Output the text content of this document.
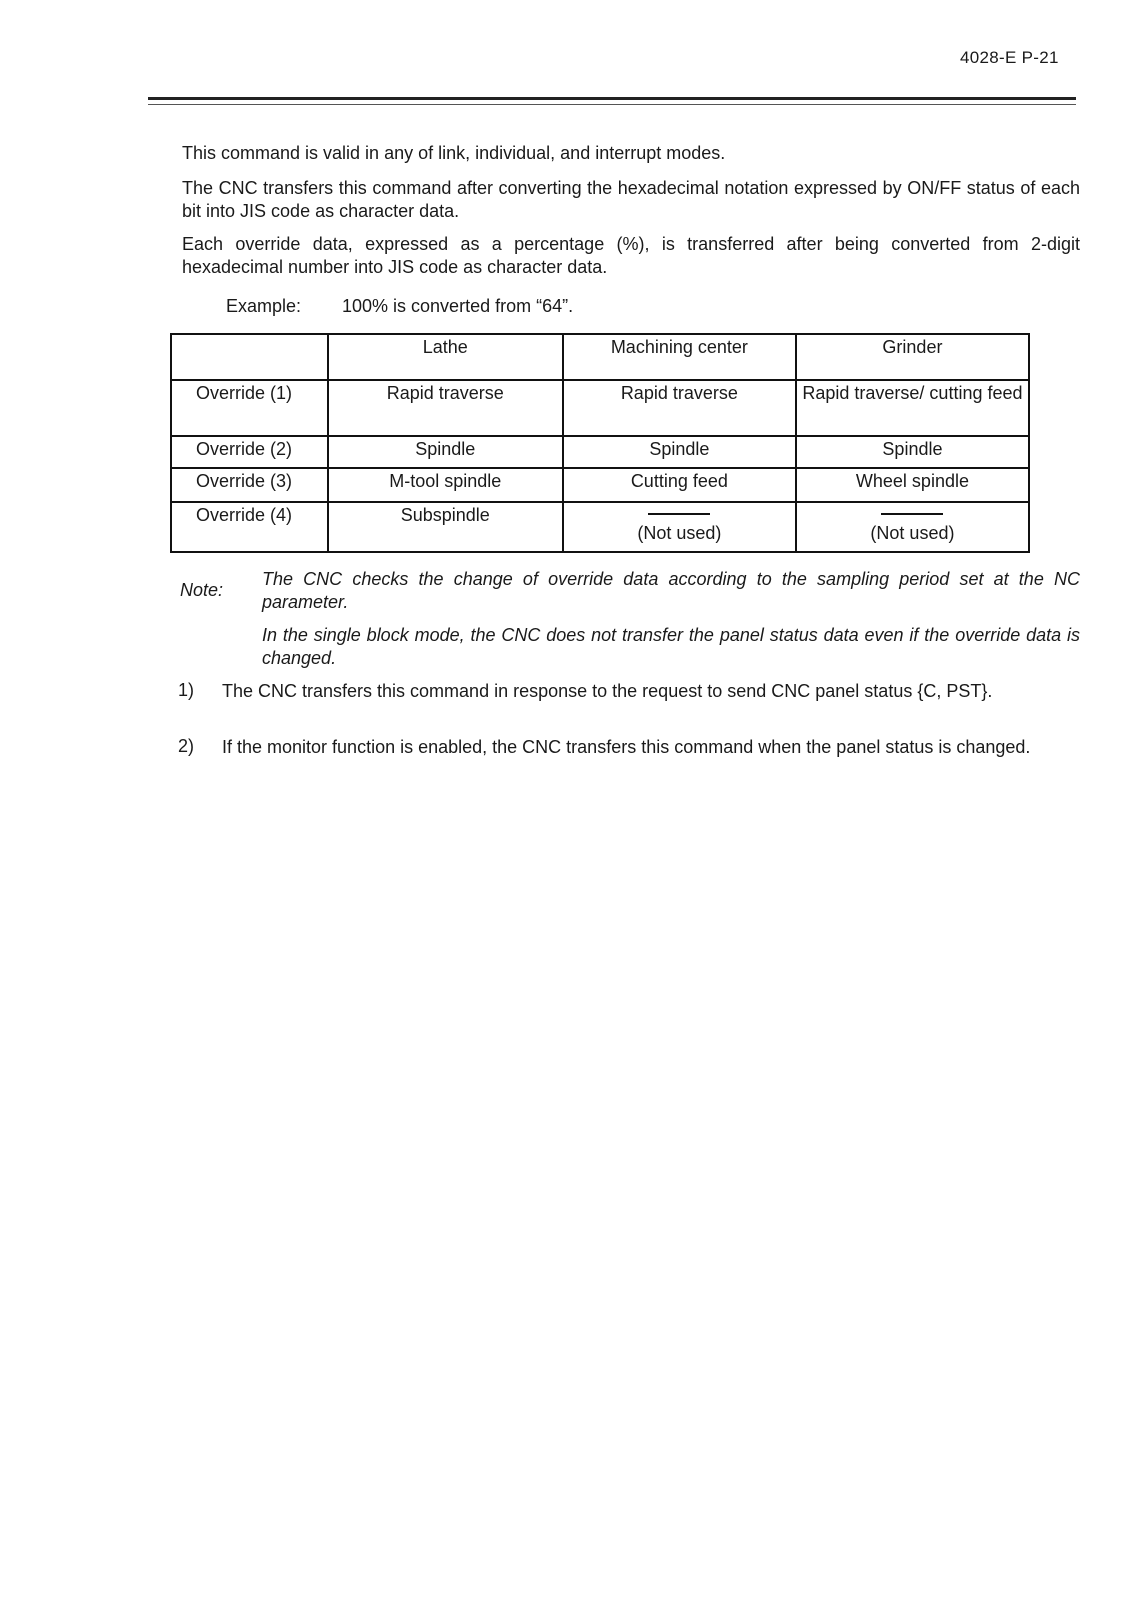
4028-E P-21
This command is valid in any of link, individual, and interrupt modes.
The CNC transfers this command after converting the hexadecimal notation expressed by ON/FF status of each bit into JIS code as character data.
Each override data, expressed as a percentage (%), is transferred after being converted from 2-digit hexadecimal number into JIS code as character data.
Example: 100% is converted from “64”.
	Lathe	Machining center	Grinder
Override (1)	Rapid traverse	Rapid traverse	Rapid traverse/ cutting feed
Override (2)	Spindle	Spindle	Spindle
Override (3)	M-tool spindle	Cutting feed	Wheel spindle
Override (4)	Subspindle	(Not used)	(Not used)
Note:
The CNC checks the change of override data according to the sampling period set at the NC parameter.
In the single block mode, the CNC does not transfer the panel status data even if the override data is changed.
1) The CNC transfers this command in response to the request to send CNC panel status {C, PST}.
2) If the monitor function is enabled, the CNC transfers this command when the panel status is changed.
